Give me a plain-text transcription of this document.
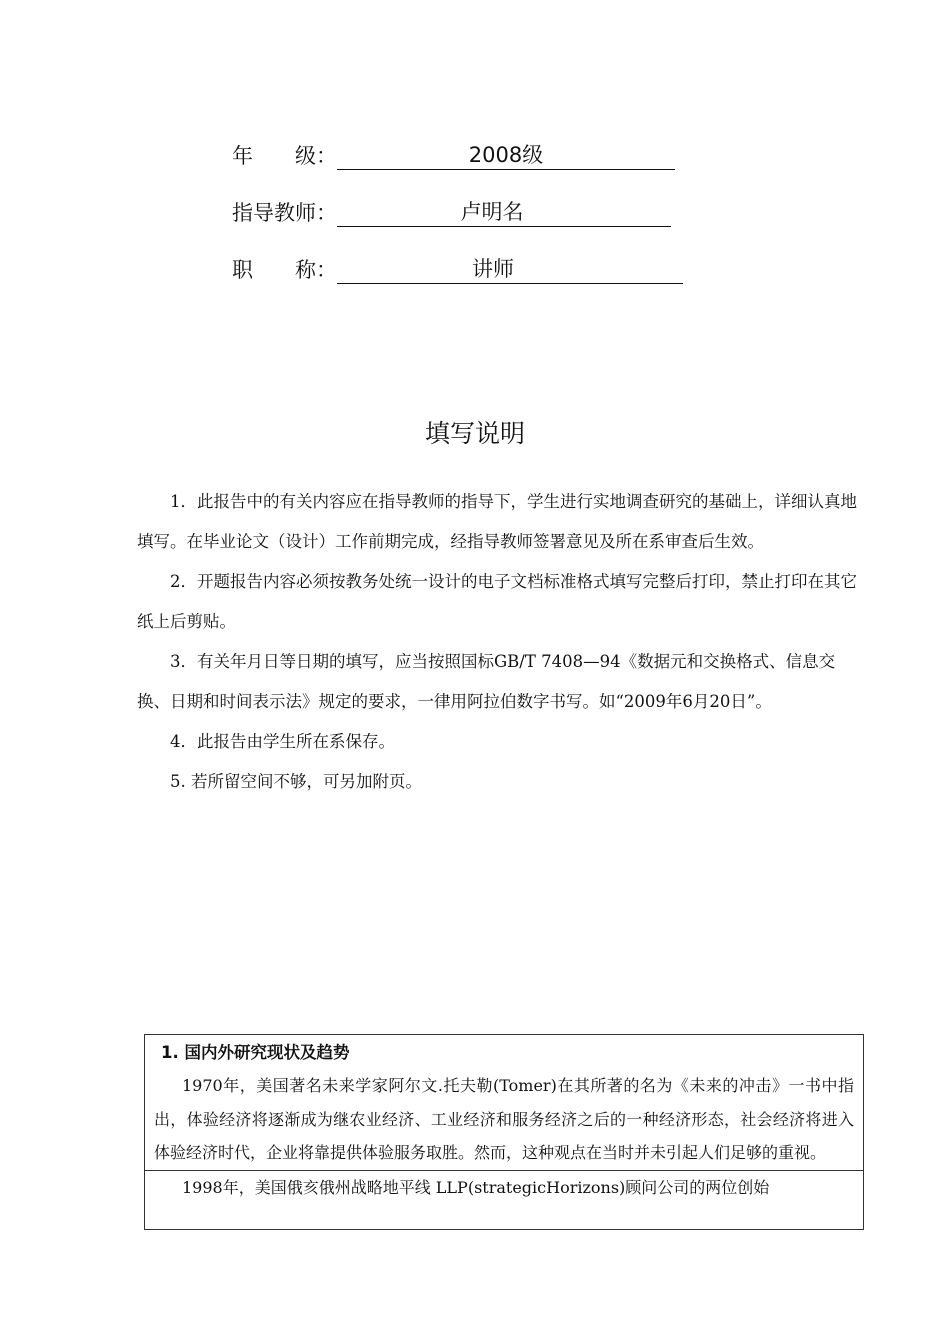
年　　级：	2008级
指导教师：	卢明名
职　　称：	讲师
填写说明

1．此报告中的有关内容应在指导教师的指导下，学生进行实地调查研究的基础上，详细认真地填写。在毕业论文（设计）工作前期完成，经指导教师签署意见及所在系审查后生效。

2．开题报告内容必须按教务处统一设计的电子文档标准格式填写完整后打印，禁止打印在其它纸上后剪贴。

3．有关年月日等日期的填写，应当按照国标GB/T 7408—94《数据元和交换格式、信息交换、日期和时间表示法》规定的要求，一律用阿拉伯数字书写。如“2009年6月20日”。

4．此报告由学生所在系保存。

5. 若所留空间不够，可另加附页。

1. 国内外研究现状及趋势

1970年，美国著名未来学家阿尔文.托夫勒(Tomer)在其所著的名为《未来的冲击》一书中指出，体验经济将逐渐成为继农业经济、工业经济和服务经济之后的一种经济形态，社会经济将进入体验经济时代，企业将靠提供体验服务取胜。然而，这种观点在当时并未引起人们足够的重视。

1998年，美国俄亥俄州战略地平线 LLP(strategicHorizons)顾问公司的两位创始
